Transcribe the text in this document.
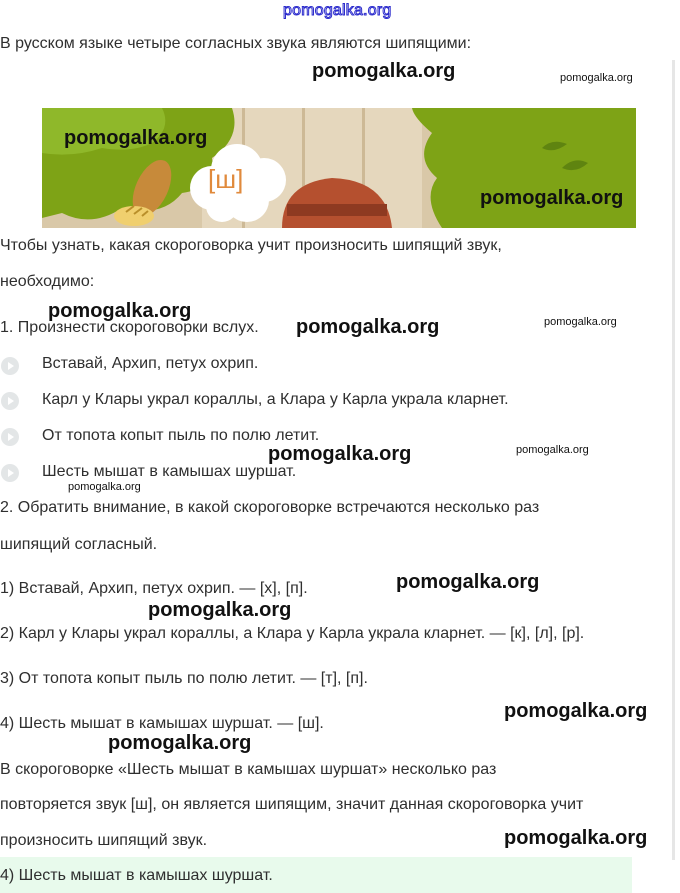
pomogalka.org
В русском языке четыре согласных звука являются шипящими:
[ш]
Чтобы узнать, какая скороговорка учит произносить шипящий звук,
необходимо:
1. Произнести скороговорки вслух.
Вставай, Архип, петух охрип.
Карл у Клары украл кораллы, а Клара у Карла украла кларнет.
От топота копыт пыль по полю летит.
Шесть мышат в камышах шуршат.
2. Обратить внимание, в какой скороговорке встречаются несколько раз
шипящий согласный.
1) Вставай, Архип, петух охрип. — [х], [п].
2) Карл у Клары украл кораллы, а Клара у Карла украла кларнет. — [к], [л], [р].
3) От топота копыт пыль по полю летит. — [т], [п].
4) Шесть мышат в камышах шуршат. — [ш].
В скороговорке «Шесть мышат в камышах шуршат» несколько раз
повторяется звук [ш], он является шипящим, значит данная скороговорка учит
произносить шипящий звук.
4) Шесть мышат в камышах шуршат.
pomogalka.org	pomogalka.org
pomogalka.org
pomogalka.org
pomogalka.org
pomogalka.org	pomogalka.org
pomogalka.org	pomogalka.org
pomogalka.org
pomogalka.org
pomogalka.org
pomogalka.org
pomogalka.org
pomogalka.org
